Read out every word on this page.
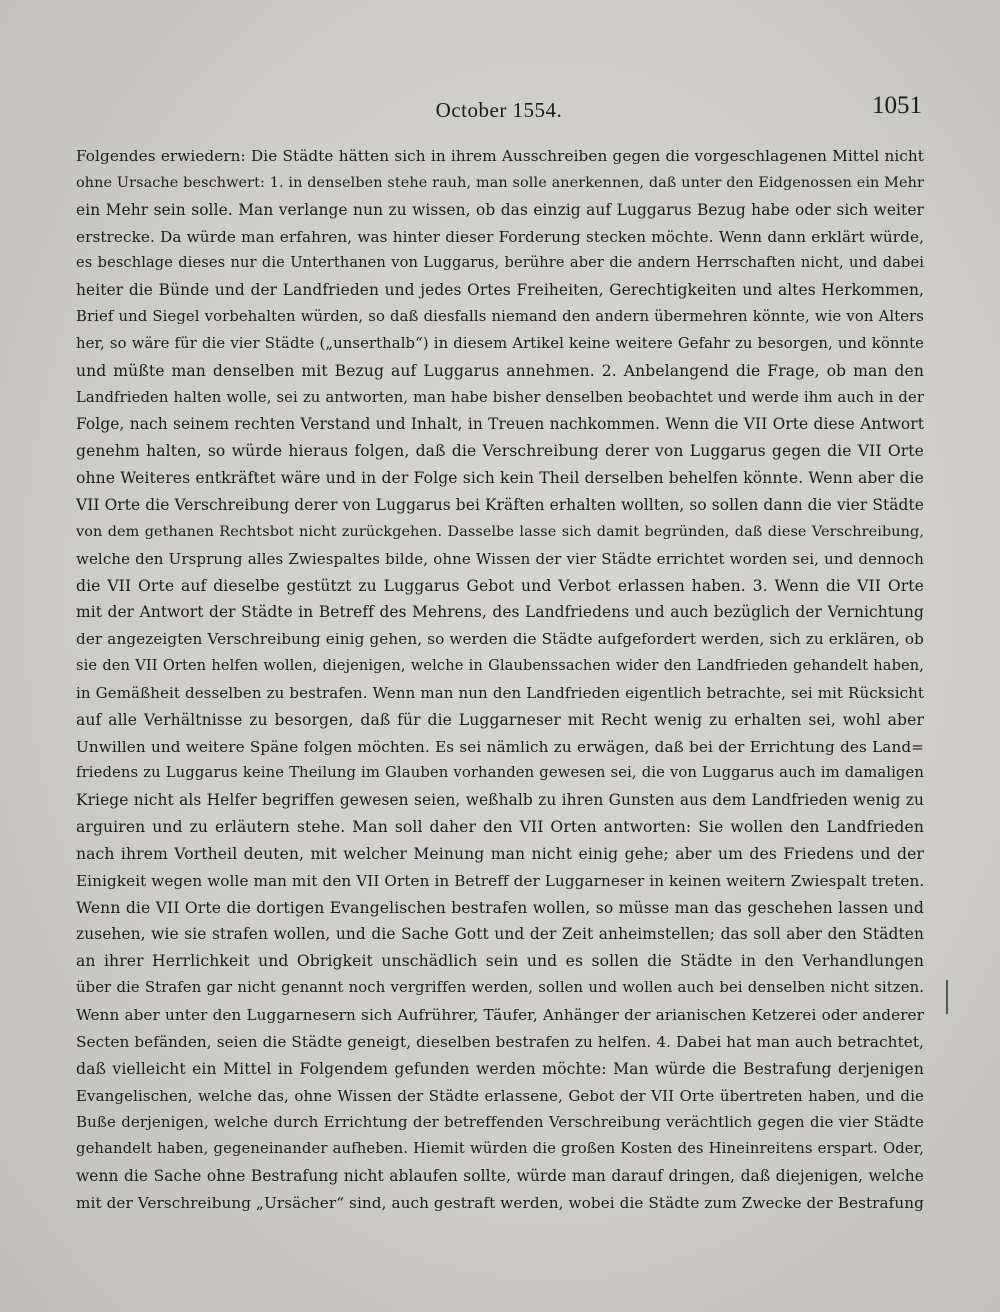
October 1554.	1051
Folgendes erwiedern: Die Städte hätten sich in ihrem Ausschreiben gegen die vorgeschlagenen Mittel nicht
ohne Ursache beschwert: 1. in denselben stehe rauh, man solle anerkennen, daß unter den Eidgenossen ein Mehr
ein Mehr sein solle. Man verlange nun zu wissen, ob das einzig auf Luggarus Bezug habe oder sich weiter
erstrecke. Da würde man erfahren, was hinter dieser Forderung stecken möchte. Wenn dann erklärt würde,
es beschlage dieses nur die Unterthanen von Luggarus, berühre aber die andern Herrschaften nicht, und dabei
heiter die Bünde und der Landfrieden und jedes Ortes Freiheiten, Gerechtigkeiten und altes Herkommen,
Brief und Siegel vorbehalten würden, so daß diesfalls niemand den andern übermehren könnte, wie von Alters
her, so wäre für die vier Städte („unserthalb“) in diesem Artikel keine weitere Gefahr zu besorgen, und könnte
und müßte man denselben mit Bezug auf Luggarus annehmen. 2. Anbelangend die Frage, ob man den
Landfrieden halten wolle, sei zu antworten, man habe bisher denselben beobachtet und werde ihm auch in der
Folge, nach seinem rechten Verstand und Inhalt, in Treuen nachkommen. Wenn die VII Orte diese Antwort
genehm halten, so würde hieraus folgen, daß die Verschreibung derer von Luggarus gegen die VII Orte
ohne Weiteres entkräftet wäre und in der Folge sich kein Theil derselben behelfen könnte. Wenn aber die
VII Orte die Verschreibung derer von Luggarus bei Kräften erhalten wollten, so sollen dann die vier Städte
von dem gethanen Rechtsbot nicht zurückgehen. Dasselbe lasse sich damit begründen, daß diese Verschreibung,
welche den Ursprung alles Zwiespaltes bilde, ohne Wissen der vier Städte errichtet worden sei, und dennoch
die VII Orte auf dieselbe gestützt zu Luggarus Gebot und Verbot erlassen haben. 3. Wenn die VII Orte
mit der Antwort der Städte in Betreff des Mehrens, des Landfriedens und auch bezüglich der Vernichtung
der angezeigten Verschreibung einig gehen, so werden die Städte aufgefordert werden, sich zu erklären, ob
sie den VII Orten helfen wollen, diejenigen, welche in Glaubenssachen wider den Landfrieden gehandelt haben,
in Gemäßheit desselben zu bestrafen. Wenn man nun den Landfrieden eigentlich betrachte, sei mit Rücksicht
auf alle Verhältnisse zu besorgen, daß für die Luggarneser mit Recht wenig zu erhalten sei, wohl aber
Unwillen und weitere Späne folgen möchten. Es sei nämlich zu erwägen, daß bei der Errichtung des Land=
friedens zu Luggarus keine Theilung im Glauben vorhanden gewesen sei, die von Luggarus auch im damaligen
Kriege nicht als Helfer begriffen gewesen seien, weßhalb zu ihren Gunsten aus dem Landfrieden wenig zu
arguiren und zu erläutern stehe. Man soll daher den VII Orten antworten: Sie wollen den Landfrieden
nach ihrem Vortheil deuten, mit welcher Meinung man nicht einig gehe; aber um des Friedens und der
Einigkeit wegen wolle man mit den VII Orten in Betreff der Luggarneser in keinen weitern Zwiespalt treten.
Wenn die VII Orte die dortigen Evangelischen bestrafen wollen, so müsse man das geschehen lassen und
zusehen, wie sie strafen wollen, und die Sache Gott und der Zeit anheimstellen; das soll aber den Städten
an ihrer Herrlichkeit und Obrigkeit unschädlich sein und es sollen die Städte in den Verhandlungen
über die Strafen gar nicht genannt noch vergriffen werden, sollen und wollen auch bei denselben nicht sitzen.
Wenn aber unter den Luggarnesern sich Aufrührer, Täufer, Anhänger der arianischen Ketzerei oder anderer
Secten befänden, seien die Städte geneigt, dieselben bestrafen zu helfen. 4. Dabei hat man auch betrachtet,
daß vielleicht ein Mittel in Folgendem gefunden werden möchte: Man würde die Bestrafung derjenigen
Evangelischen, welche das, ohne Wissen der Städte erlassene, Gebot der VII Orte übertreten haben, und die
Buße derjenigen, welche durch Errichtung der betreffenden Verschreibung verächtlich gegen die vier Städte
gehandelt haben, gegeneinander aufheben. Hiemit würden die großen Kosten des Hineinreitens erspart. Oder,
wenn die Sache ohne Bestrafung nicht ablaufen sollte, würde man darauf dringen, daß diejenigen, welche
mit der Verschreibung „Ursächer“ sind, auch gestraft werden, wobei die Städte zum Zwecke der Bestrafung
